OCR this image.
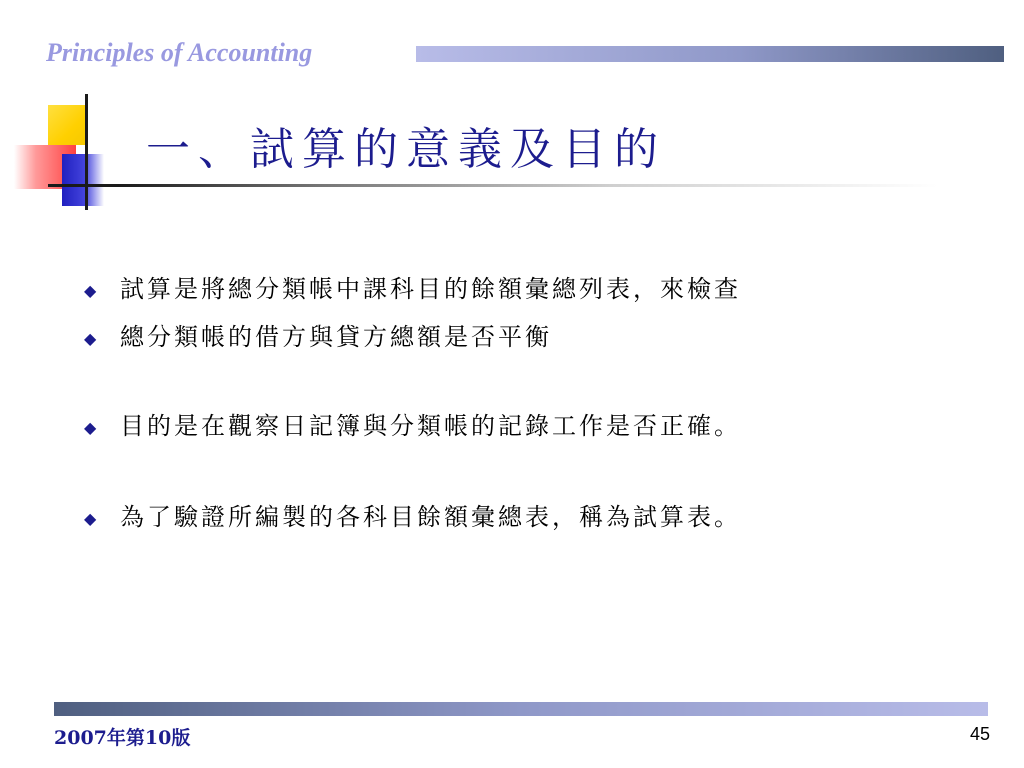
Principles of Accounting
一、試算的意義及目的
◆ 試算是將總分類帳中課科目的餘額彙總列表，來檢查
◆ 總分類帳的借方與貸方總額是否平衡
◆ 目的是在觀察日記簿與分類帳的記錄工作是否正確。
◆ 為了驗證所編製的各科目餘額彙總表，稱為試算表。
2007年第10版	45
